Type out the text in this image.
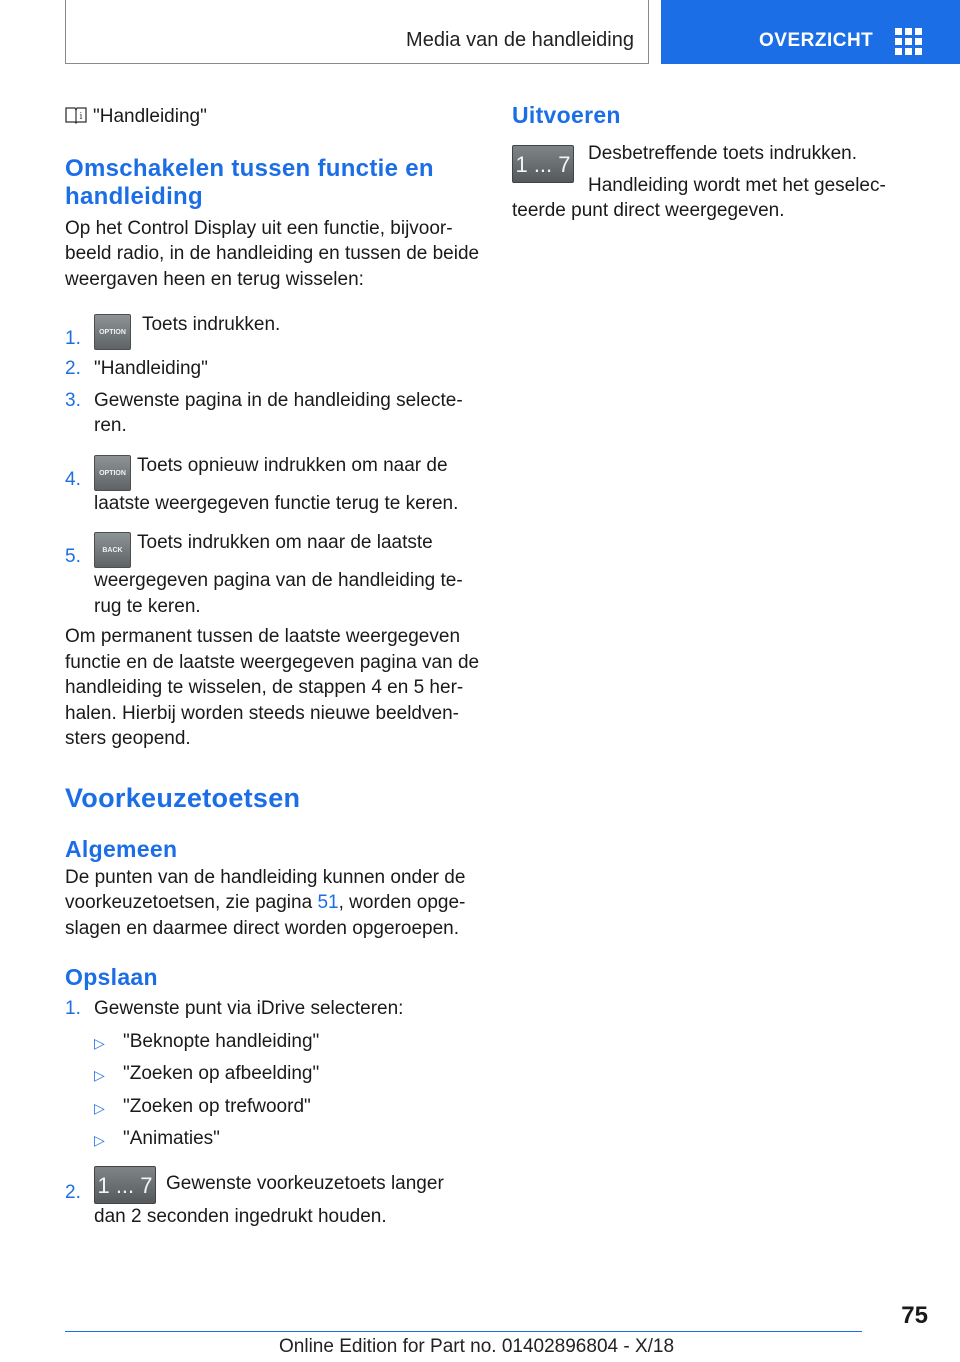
Media van de handleiding	OVERZICHT
i "Handleiding"
Omschakelen tussen functie en
handleiding
Op het Control Display uit een functie, bijvoor-
beeld radio, in de handleiding en tussen de beide
weergaven heen en terug wisselen:
1.	OPTION Toets indrukken.
2. "Handleiding"
3. Gewenste pagina in de handleiding selecte-
ren.
4.	OPTION Toets opnieuw indrukken om naar de
laatste weergegeven functie terug te keren.
5.	BACK Toets indrukken om naar de laatste
weergegeven pagina van de handleiding te-
rug te keren.
Om permanent tussen de laatste weergegeven
functie en de laatste weergegeven pagina van de
handleiding te wisselen, de stappen 4 en 5 her-
halen. Hierbij worden steeds nieuwe beeldven-
sters geopend.
Voorkeuzetoetsen
Algemeen
De punten van de handleiding kunnen onder de
voorkeuzetoetsen, zie pagina 51, worden opge-
slagen en daarmee direct worden opgeroepen.
Opslaan
1. Gewenste punt via iDrive selecteren:
▷ "Beknopte handleiding"
▷ "Zoeken op afbeelding"
▷ "Zoeken op trefwoord"
▷ "Animaties"
2. 1 ... 7 Gewenste voorkeuzetoets langer
dan 2 seconden ingedrukt houden.
Uitvoeren
1 ... 7 Desbetreffende toets indrukken.
Handleiding wordt met het geselec-
teerde punt direct weergegeven.
75
Online Edition for Part no. 01402896804 - X/18
